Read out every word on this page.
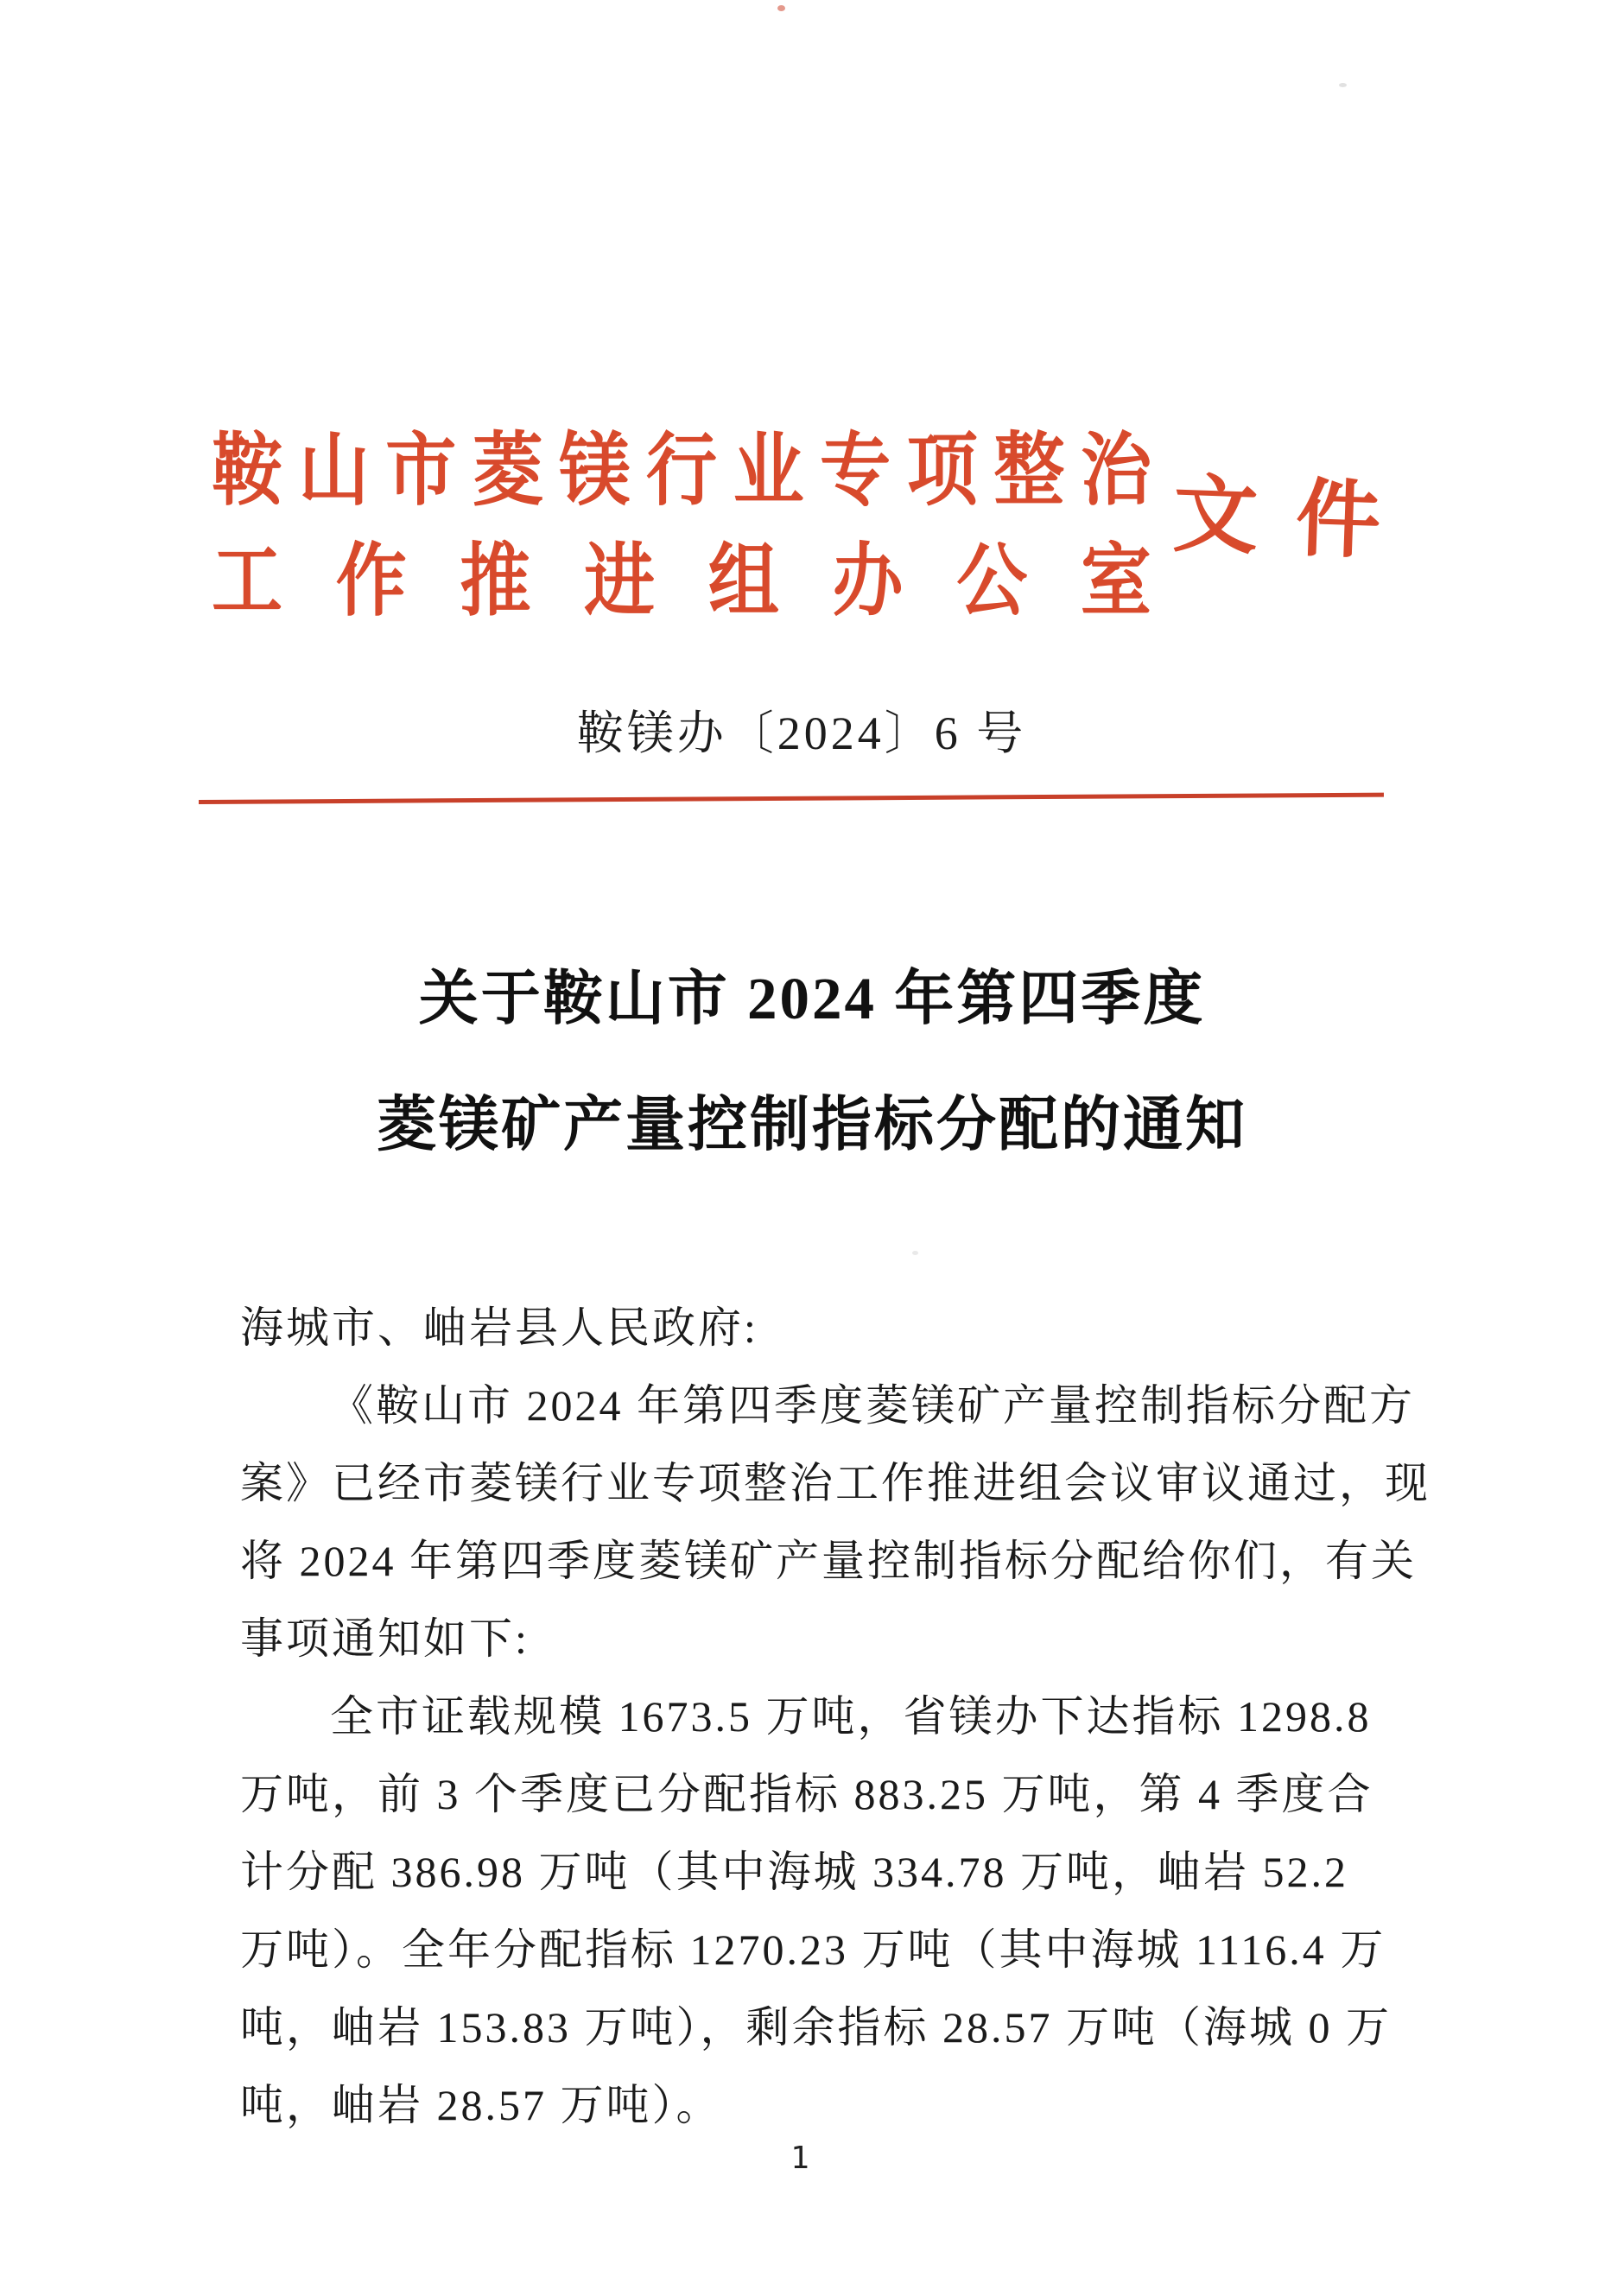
鞍 山 市 菱 镁 行 业 专 项 整 治
工 作 推 进 组 办 公 室
文 件
鞍镁办〔2024〕6 号
关于鞍山市 2024 年第四季度
菱镁矿产量控制指标分配的通知
海城市、岫岩县人民政府:
《鞍山市 2024 年第四季度菱镁矿产量控制指标分配方
案》已经市菱镁行业专项整治工作推进组会议审议通过，现
将 2024 年第四季度菱镁矿产量控制指标分配给你们，有关
事项通知如下:
全市证载规模 1673.5 万吨，省镁办下达指标 1298.8
万吨，前 3 个季度已分配指标 883.25 万吨，第 4 季度合
计分配 386.98 万吨（其中海城 334.78 万吨，岫岩 52.2
万吨）。全年分配指标 1270.23 万吨（其中海城 1116.4 万
吨，岫岩 153.83 万吨），剩余指标 28.57 万吨（海城 0 万
吨，岫岩 28.57 万吨）。
1
